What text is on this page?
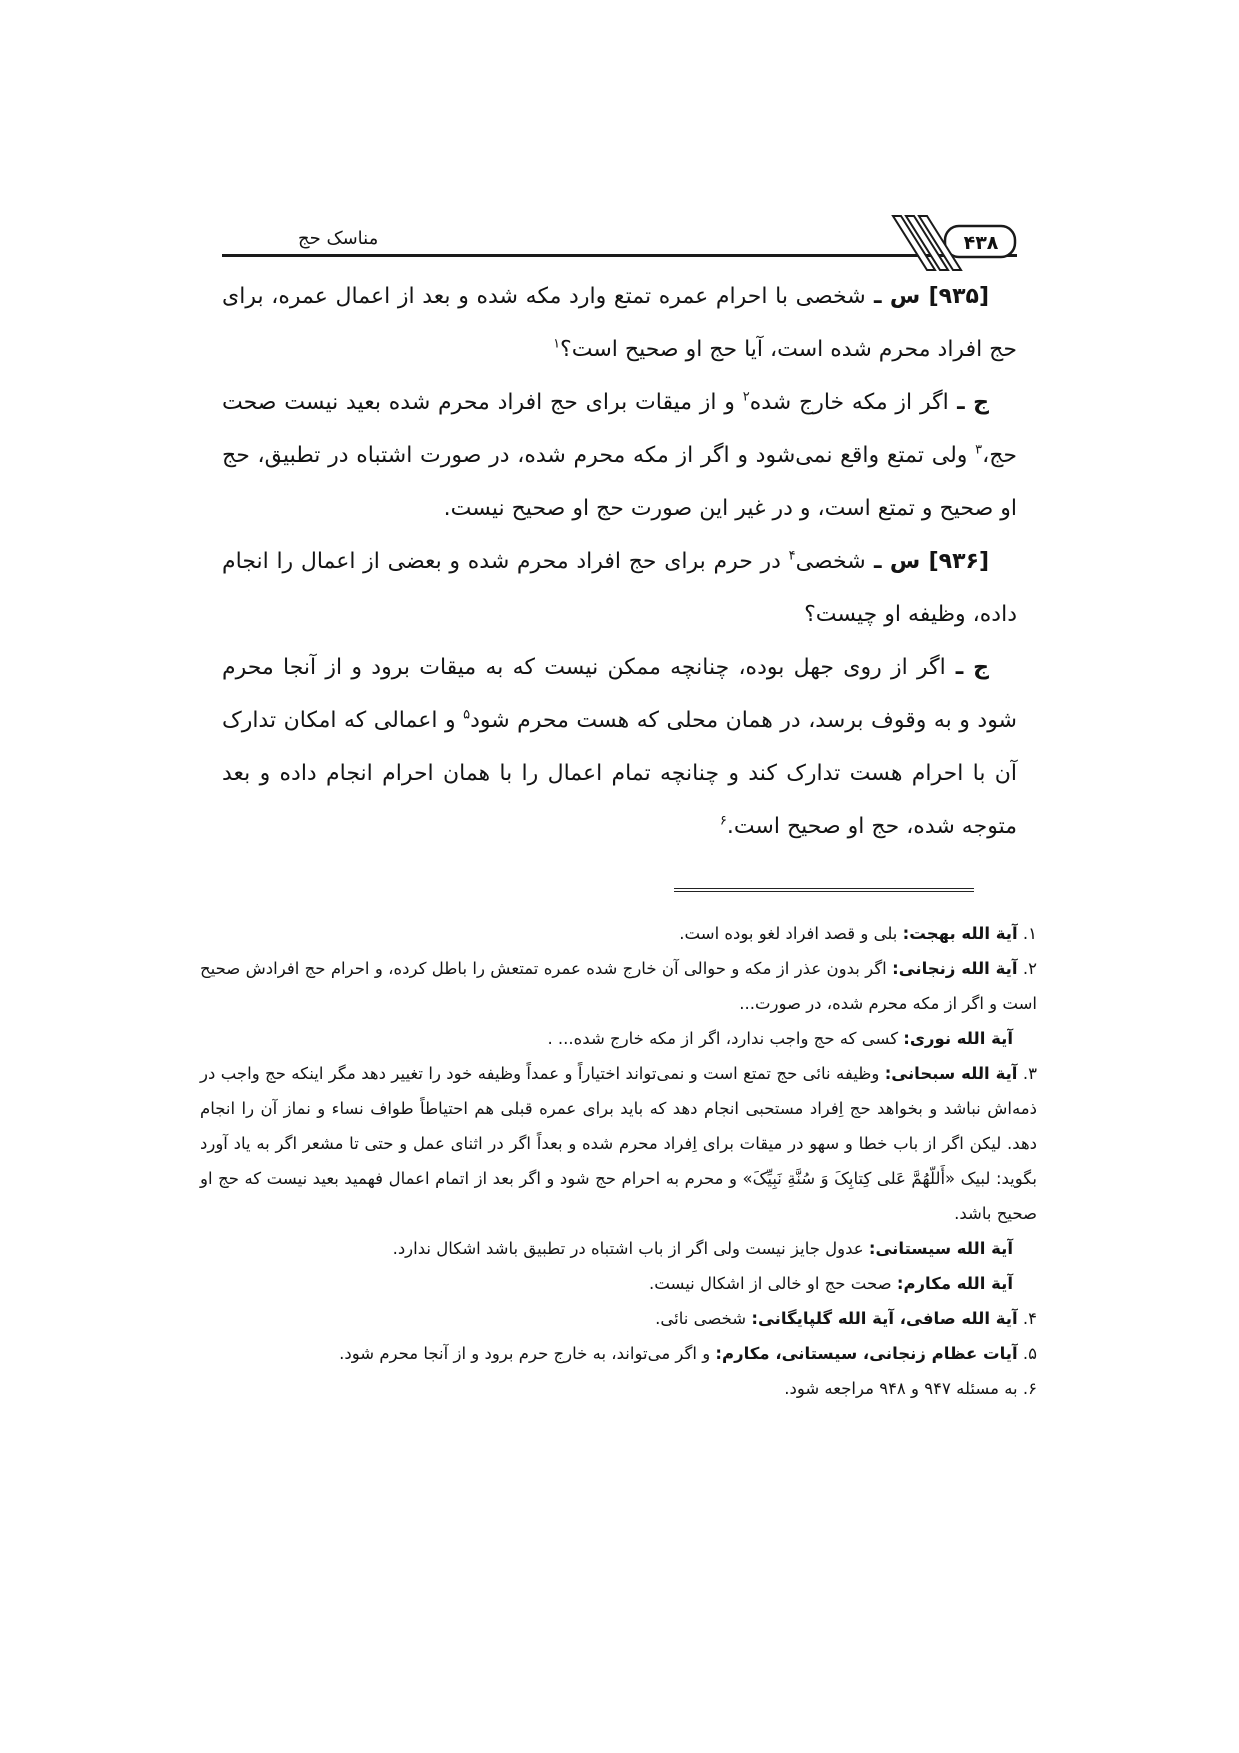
مناسک حج	۴۳۸

[۹۳۵] س ـ شخصی با احرام عمره تمتع وارد مکه شده و بعد از اعمال عمره، برای حج افراد محرم شده است، آیا حج او صحیح است؟$^۱$

ج ـ اگر از مکه خارج شده$^۲$ و از میقات برای حج افراد محرم شده بعید نیست صحت حج،$^۳$ ولی تمتع واقع نمی‌شود و اگر از مکه محرم شده، در صورت اشتباه در تطبیق، حج او صحیح و تمتع است، و در غیر این صورت حج او صحیح نیست.

[۹۳۶] س ـ شخصی$^۴$ در حرم برای حج افراد محرم شده و بعضی از اعمال را انجام داده، وظیفه او چیست؟

ج ـ اگر از روی جهل بوده، چنانچه ممکن نیست که به میقات برود و از آنجا محرم شود و به وقوف برسد، در همان محلی که هست محرم شود$^۵$ و اعمالی که امکان تدارک آن با احرام هست تدارک کند و چنانچه تمام اعمال را با همان احرام انجام داده و بعد متوجه شده، حج او صحیح است.$^۶$

۱. آية الله بهجت: بلی و قصد افراد لغو بوده است.

۲. آية الله زنجانی: اگر بدون عذر از مکه و حوالی آن خارج شده عمره تمتعش را باطل کرده، و احرام حج افرادش صحیح است و اگر از مکه محرم شده، در صورت...

آية الله نوری: کسی که حج واجب ندارد، اگر از مکه خارج شده... .

۳. آية الله سبحانی: وظیفه نائی حج تمتع است و نمی‌تواند اختیاراً و عمداً وظیفه خود را تغییر دهد مگر اینکه حج واجب در ذمه‌اش نباشد و بخواهد حج اِفراد مستحبی انجام دهد که باید برای عمره قبلی هم احتیاطاً طواف نساء و نماز آن را انجام دهد. لیکن اگر از باب خطا و سهو در میقات برای اِفراد محرم شده و بعداً اگر در اثنای عمل و حتی تا مشعر اگر به یاد آورد بگوید: لبیک «أَللّهُمَّ عَلی کِتابِکَ وَ سُنَّةِ نَبِیِّکَ» و محرم به احرام حج شود و اگر بعد از اتمام اعمال فهمید بعید نیست که حج او صحیح باشد.

آية الله سیستانی: عدول جایز نیست ولی اگر از باب اشتباه در تطبیق باشد اشکال ندارد.

آية الله مکارم: صحت حج او خالی از اشکال نیست.

۴. آية الله صافی، آية الله گلپایگانی: شخصی نائی.

۵. آیات عظام زنجانی، سیستانی، مکارم: و اگر می‌تواند، به خارج حرم برود و از آنجا محرم شود.

۶. به مسئله ۹۴۷ و ۹۴۸ مراجعه شود.
